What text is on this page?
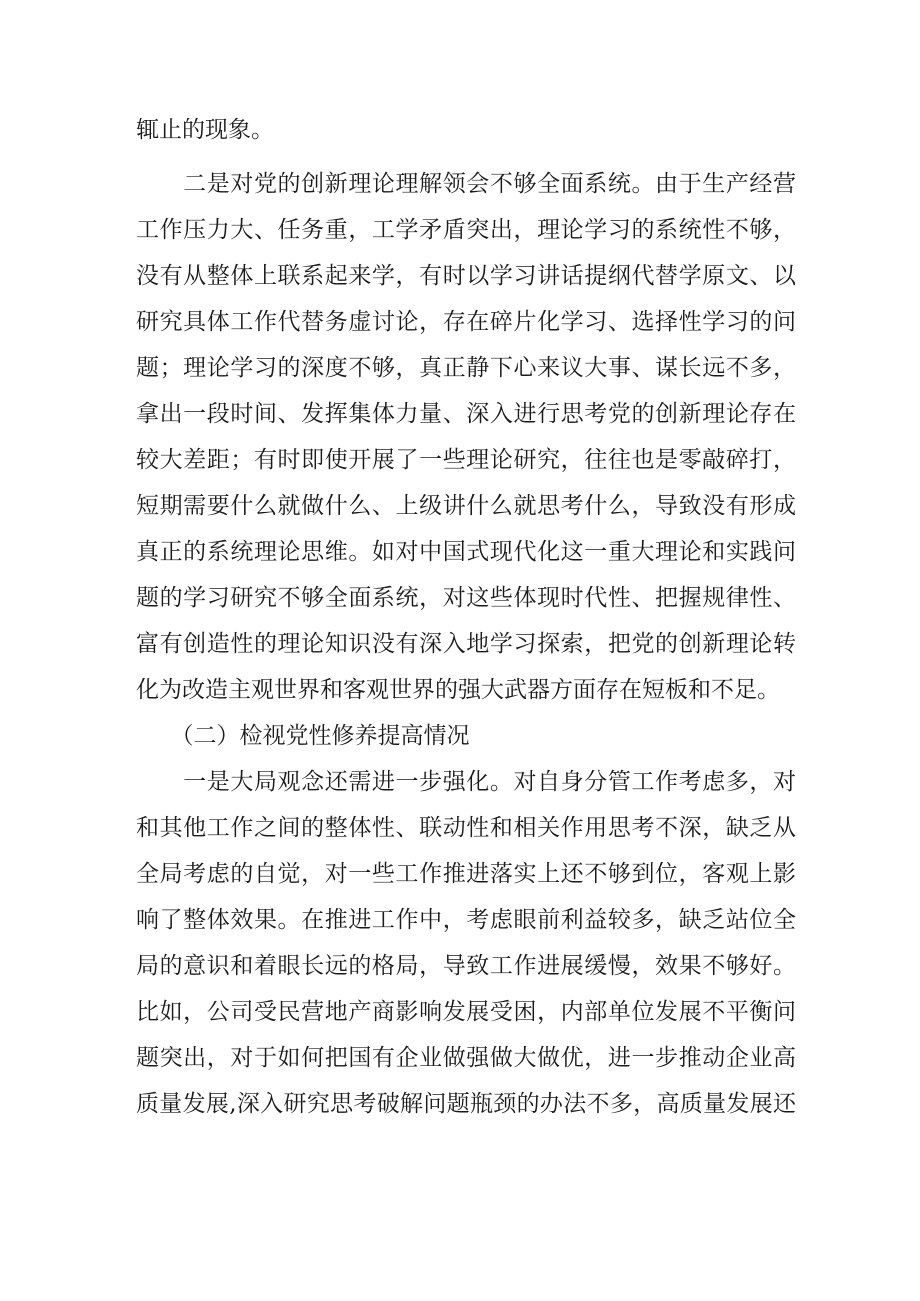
辄止的现象。
　　二是对党的创新理论理解领会不够全面系统。由于生产经营
工作压力大、任务重，工学矛盾突出，理论学习的系统性不够，
没有从整体上联系起来学，有时以学习讲话提纲代替学原文、以
研究具体工作代替务虚讨论，存在碎片化学习、选择性学习的问
题；理论学习的深度不够，真正静下心来议大事、谋长远不多，
拿出一段时间、发挥集体力量、深入进行思考党的创新理论存在
较大差距；有时即使开展了一些理论研究，往往也是零敲碎打，
短期需要什么就做什么、上级讲什么就思考什么，导致没有形成
真正的系统理论思维。如对中国式现代化这一重大理论和实践问
题的学习研究不够全面系统，对这些体现时代性、把握规律性、
富有创造性的理论知识没有深入地学习探索，把党的创新理论转
化为改造主观世界和客观世界的强大武器方面存在短板和不足。
　　（二）检视党性修养提高情况
　　一是大局观念还需进一步强化。对自身分管工作考虑多，对
和其他工作之间的整体性、联动性和相关作用思考不深，缺乏从
全局考虑的自觉，对一些工作推进落实上还不够到位，客观上影
响了整体效果。在推进工作中，考虑眼前利益较多，缺乏站位全
局的意识和着眼长远的格局，导致工作进展缓慢，效果不够好。
比如，公司受民营地产商影响发展受困，内部单位发展不平衡问
题突出，对于如何把国有企业做强做大做优，进一步推动企业高
质量发展,深入研究思考破解问题瓶颈的办法不多，高质量发展还
